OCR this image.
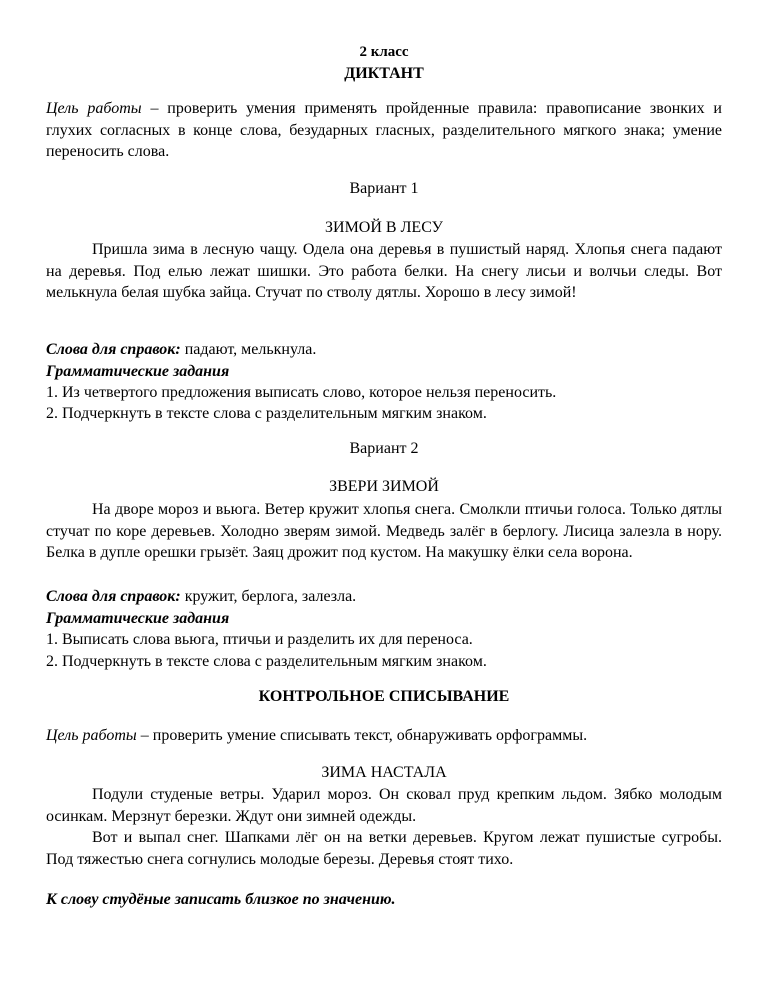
2 класс
ДИКТАНТ
Цель работы – проверить умения применять пройденные правила: правописание звонких и глухих согласных в конце слова, безударных гласных, разделительного мягкого знака; умение переносить слова.
Вариант 1
ЗИМОЙ В ЛЕСУ
Пришла зима в лесную чащу. Одела она деревья в пушистый наряд. Хлопья снега падают на деревья. Под елью лежат шишки. Это работа белки. На снегу лисьи и волчьи следы. Вот мелькнула белая шубка зайца. Стучат по стволу дятлы. Хорошо в лесу зимой!
Слова для справок: падают, мелькнула.
Грамматические задания
1. Из четвертого предложения выписать слово, которое нельзя переносить.
2. Подчеркнуть в тексте слова с разделительным мягким знаком.
Вариант 2
ЗВЕРИ ЗИМОЙ
На дворе мороз и вьюга. Ветер кружит хлопья снега. Смолкли птичьи голоса. Только дятлы стучат по коре деревьев. Холодно зверям зимой. Медведь залёг в берлогу. Лисица залезла в нору. Белка в дупле орешки грызёт. Заяц дрожит под кустом. На макушку ёлки села ворона.
Слова для справок: кружит, берлога, залезла.
Грамматические задания
1. Выписать слова вьюга, птичьи и разделить их для переноса.
2. Подчеркнуть в тексте слова с разделительным мягким знаком.
КОНТРОЛЬНОЕ СПИСЫВАНИЕ
Цель работы – проверить умение списывать текст, обнаруживать орфограммы.
ЗИМА НАСТАЛА
Подули студеные ветры. Ударил мороз. Он сковал пруд крепким льдом. Зябко молодым осинкам. Мерзнут березки. Ждут они зимней одежды.
Вот и выпал снег. Шапками лёг он на ветки деревьев. Кругом лежат пушистые сугробы. Под тяжестью снега согнулись молодые березы. Деревья стоят тихо.
К слову студёные записать близкое по значению.
